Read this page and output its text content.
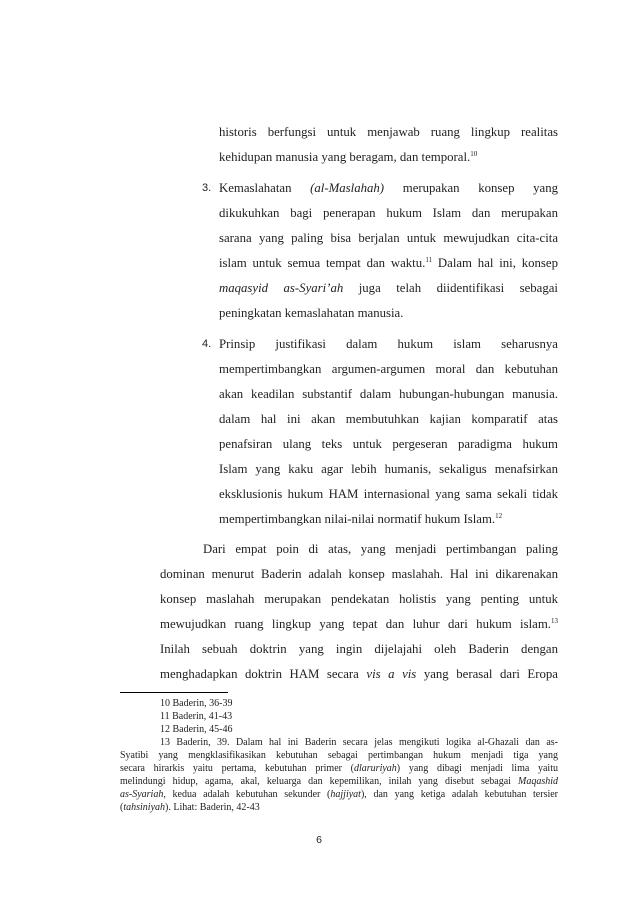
historis berfungsi untuk menjawab ruang lingkup realitas
kehidupan manusia yang beragam, dan temporal.$^{10}$
3. Kemaslahatan (al-Maslahah) merupakan konsep yang
dikukuhkan bagi penerapan hukum Islam dan merupakan
sarana yang paling bisa berjalan untuk mewujudkan cita-cita
islam untuk semua tempat dan waktu.$^{11}$ Dalam hal ini, konsep
maqasyid as-Syari’ah juga telah diidentifikasi sebagai
peningkatan kemaslahatan manusia.
4. Prinsip justifikasi dalam hukum islam seharusnya
mempertimbangkan argumen-argumen moral dan kebutuhan
akan keadilan substantif dalam hubungan-hubungan manusia.
dalam hal ini akan membutuhkan kajian komparatif atas
penafsiran ulang teks untuk pergeseran paradigma hukum
Islam yang kaku agar lebih humanis, sekaligus menafsirkan
eksklusionis hukum HAM internasional yang sama sekali tidak
mempertimbangkan nilai-nilai normatif hukum Islam.$^{12}$
Dari empat poin di atas, yang menjadi pertimbangan paling
dominan menurut Baderin adalah konsep maslahah. Hal ini dikarenakan
konsep maslahah merupakan pendekatan holistis yang penting untuk
mewujudkan ruang lingkup yang tepat dan luhur dari hukum islam.$^{13}$
Inilah sebuah doktrin yang ingin dijelajahi oleh Baderin dengan
menghadapkan doktrin HAM secara vis a vis yang berasal dari Eropa
10 Baderin, 36-39
11 Baderin, 41-43
12 Baderin, 45-46
13 Baderin, 39. Dalam hal ini Baderin secara jelas mengikuti logika al-Ghazali dan as-
Syatibi yang mengklasifikasikan kebutuhan sebagai pertimbangan hukum menjadi tiga yang
secara hirarkis yaitu pertama, kebutuhan primer (dlaruriyah) yang dibagi menjadi lima yaitu
melindungi hidup, agama, akal, keluarga dan kepemilikan, inilah yang disebut sebagai Maqashid
as-Syariah, kedua adalah kebutuhan sekunder (hajjiyat), dan yang ketiga adalah kebutuhan tersier
(tahsiniyah). Lihat: Baderin, 42-43
6
